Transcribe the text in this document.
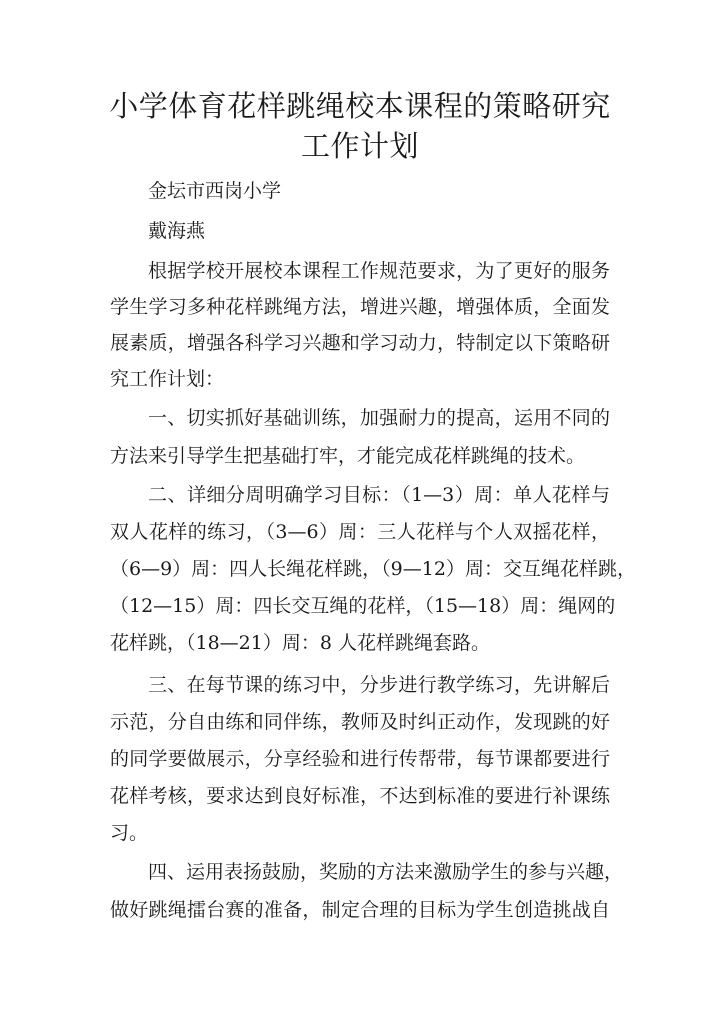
小学体育花样跳绳校本课程的策略研究
工作计划
金坛市西岗小学
戴海燕
根据学校开展校本课程工作规范要求，为了更好的服务
学生学习多种花样跳绳方法，增进兴趣，增强体质，全面发
展素质，增强各科学习兴趣和学习动力，特制定以下策略研
究工作计划：
一、切实抓好基础训练，加强耐力的提高，运用不同的
方法来引导学生把基础打牢，才能完成花样跳绳的技术。
二、详细分周明确学习目标：（1—3）周：单人花样与
双人花样的练习，（3—6）周：三人花样与个人双摇花样，
（6—9）周：四人长绳花样跳，（9—12）周：交互绳花样跳，
（12—15）周：四长交互绳的花样，（15—18）周：绳网的
花样跳，（18—21）周：8 人花样跳绳套路。
三、在每节课的练习中，分步进行教学练习，先讲解后
示范，分自由练和同伴练，教师及时纠正动作，发现跳的好
的同学要做展示，分享经验和进行传帮带，每节课都要进行
花样考核，要求达到良好标准，不达到标准的要进行补课练
习。
四、运用表扬鼓励，奖励的方法来激励学生的参与兴趣，
做好跳绳擂台赛的准备，制定合理的目标为学生创造挑战自
